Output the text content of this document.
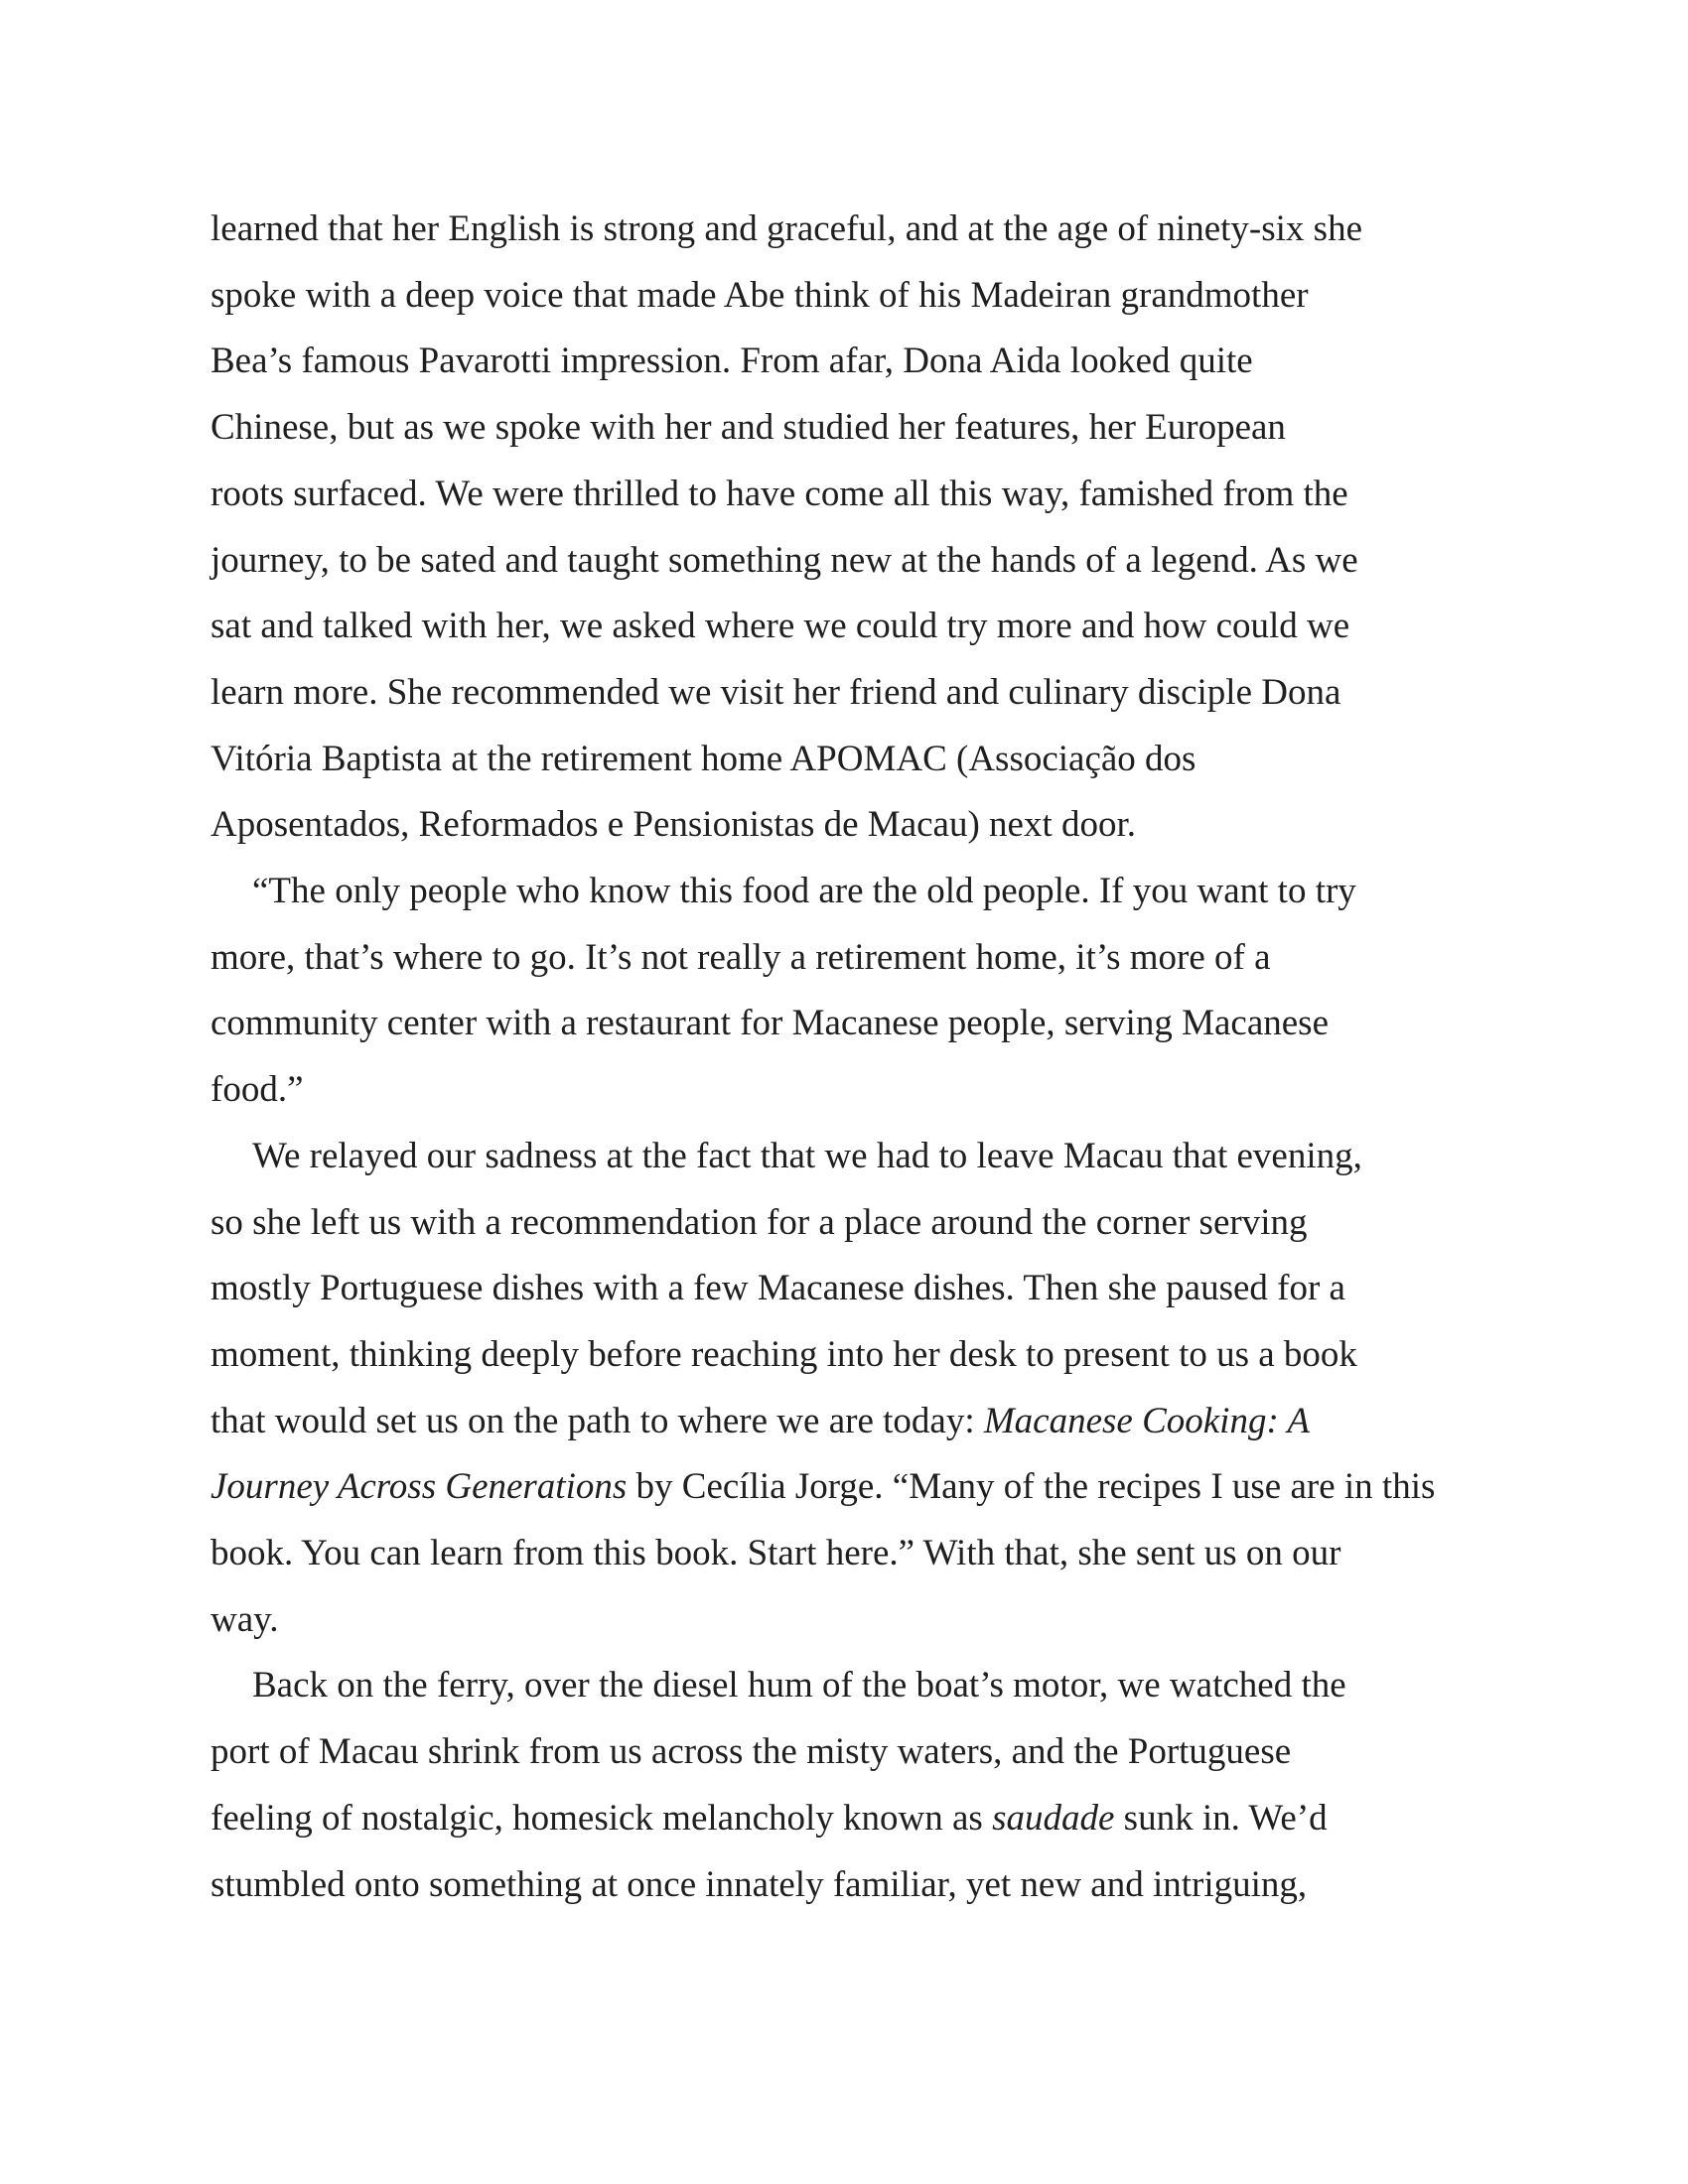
learned that her English is strong and graceful, and at the age of ninety-six she
spoke with a deep voice that made Abe think of his Madeiran grandmother
Bea’s famous Pavarotti impression. From afar, Dona Aida looked quite
Chinese, but as we spoke with her and studied her features, her European
roots surfaced. We were thrilled to have come all this way, famished from the
journey, to be sated and taught something new at the hands of a legend. As we
sat and talked with her, we asked where we could try more and how could we
learn more. She recommended we visit her friend and culinary disciple Dona
Vitória Baptista at the retirement home APOMAC (Associação dos
Aposentados, Reformados e Pensionistas de Macau) next door.

“The only people who know this food are the old people. If you want to try
more, that’s where to go. It’s not really a retirement home, it’s more of a
community center with a restaurant for Macanese people, serving Macanese
food.”

We relayed our sadness at the fact that we had to leave Macau that evening,
so she left us with a recommendation for a place around the corner serving
mostly Portuguese dishes with a few Macanese dishes. Then she paused for a
moment, thinking deeply before reaching into her desk to present to us a book
that would set us on the path to where we are today: Macanese Cooking: A
Journey Across Generations by Cecília Jorge. “Many of the recipes I use are in this
book. You can learn from this book. Start here.” With that, she sent us on our
way.

Back on the ferry, over the diesel hum of the boat’s motor, we watched the
port of Macau shrink from us across the misty waters, and the Portuguese
feeling of nostalgic, homesick melancholy known as saudade sunk in. We’d
stumbled onto something at once innately familiar, yet new and intriguing,
